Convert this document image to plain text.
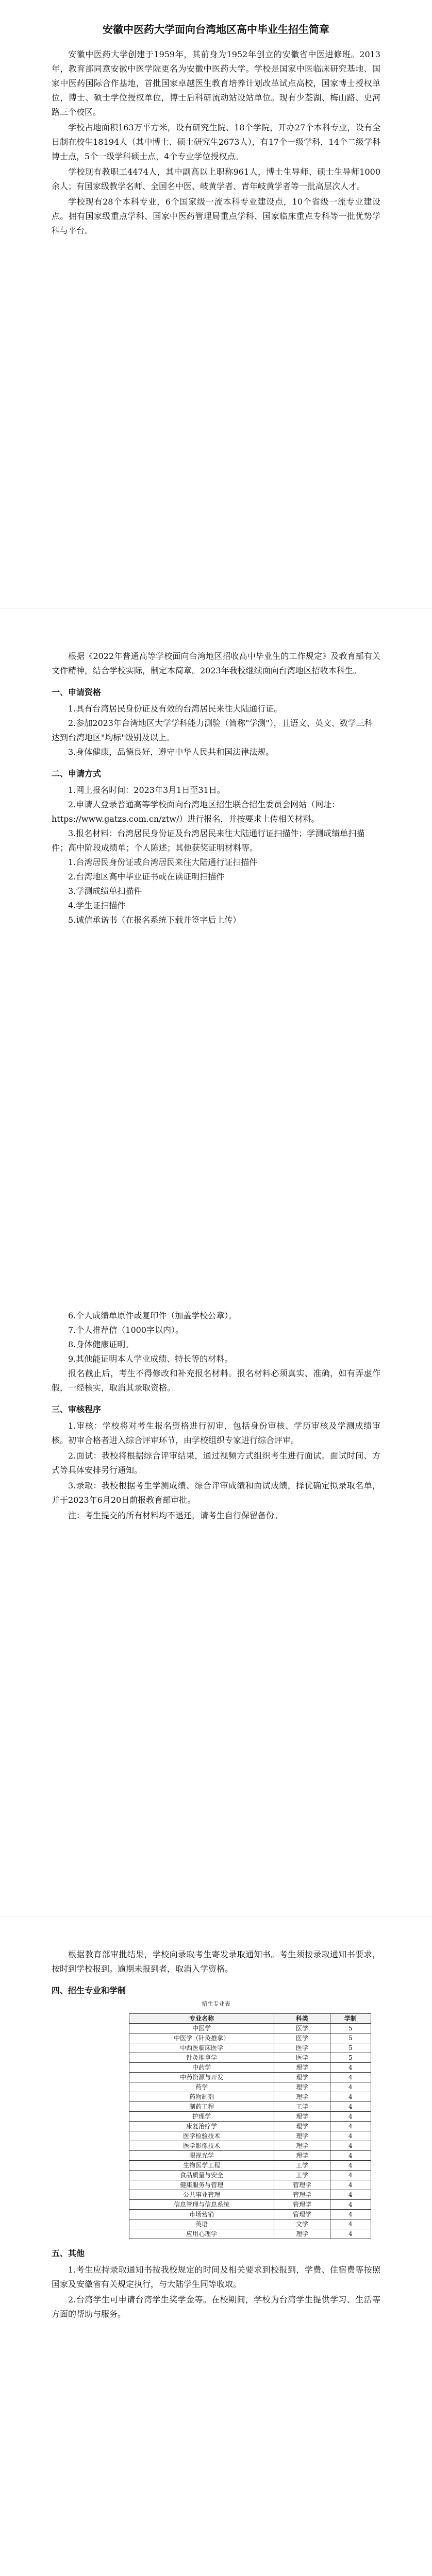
安徽中医药大学面向台湾地区高中毕业生招生简章

安徽中医药大学创建于1959年，其前身为1952年创立的安徽省中医进修班。2013年，教育部同意安徽中医学院更名为安徽中医药大学。学校是国家中医临床研究基地、国家中医药国际合作基地，首批国家卓越医生教育培养计划改革试点高校，国家博士授权单位，博士、硕士学位授权单位，博士后科研流动站设站单位。现有少荃湖、梅山路、史河路三个校区。

学校占地面积163万平方米，设有研究生院、18个学院，开办27个本科专业，设有全日制在校生18194人（其中博士、硕士研究生2673人），有17个一级学科，14个二级学科博士点，5个一级学科硕士点，4个专业学位授权点。

学校现有教职工4474人，其中副高以上职称961人，博士生导师、硕士生导师1000余人；有国家级教学名师、全国名中医、岐黄学者、青年岐黄学者等一批高层次人才。

学校现有28个本科专业，6个国家级一流本科专业建设点，10个省级一流专业建设点。拥有国家级重点学科、国家中医药管理局重点学科、国家临床重点专科等一批优势学科与平台。

根据《2022年普通高等学校面向台湾地区招收高中毕业生的工作规定》及教育部有关文件精神，结合学校实际，制定本简章。2023年我校继续面向台湾地区招收本科生。

一、申请资格

1.具有台湾居民身份证及有效的台湾居民来往大陆通行证。

2.参加2023年台湾地区大学学科能力测验（简称"学测"），且语文、英文、数学三科达到台湾地区"均标"级别及以上。

3.身体健康，品德良好，遵守中华人民共和国法律法规。

二、申请方式

1.网上报名时间：2023年3月1日至31日。

2.申请人登录普通高等学校面向台湾地区招生联合招生委员会网站（网址：https://www.gatzs.com.cn/ztw/）进行报名，并按要求上传相关材料。

3.报名材料：台湾居民身份证及台湾居民来往大陆通行证扫描件；学测成绩单扫描件；高中阶段成绩单；个人陈述；其他获奖证明材料等。

1.台湾居民身份证或台湾居民来往大陆通行证扫描件

2.台湾地区高中毕业证书或在读证明扫描件

3.学测成绩单扫描件

4.学生证扫描件

5.诚信承诺书（在报名系统下载并签字后上传）

6.个人成绩单原件或复印件（加盖学校公章）。

7.个人推荐信（1000字以内）。

8.身体健康证明。

9.其他能证明本人学业成绩、特长等的材料。

报名截止后，考生不得修改和补充报名材料。报名材料必须真实、准确，如有弄虚作假，一经核实，取消其录取资格。

三、审核程序

1.审核：学校将对考生报名资格进行初审，包括身份审核、学历审核及学测成绩审核。初审合格者进入综合评审环节，由学校组织专家进行综合评审。

2.面试：我校将根据综合评审结果，通过视频方式组织考生进行面试。面试时间、方式等具体安排另行通知。

3.录取：我校根据考生学测成绩、综合评审成绩和面试成绩，择优确定拟录取名单，并于2023年6月20日前报教育部审批。

注：考生提交的所有材料均不退还，请考生自行保留备份。

根据教育部审批结果，学校向录取考生寄发录取通知书。考生须按录取通知书要求，按时到学校报到。逾期未报到者，取消入学资格。

四、招生专业和学制

招生专业表

专业名称	科类	学制
中医学	医学	5
中医学（针灸推拿）	医学	5
中西医临床医学	医学	5
针灸推拿学	医学	5
中药学	理学	4
中药资源与开发	理学	4
药学	理学	4
药物制剂	理学	4
制药工程	工学	4
护理学	理学	4
康复治疗学	理学	4
医学检验技术	理学	4
医学影像技术	理学	4
眼视光学	理学	4
生物医学工程	工学	4
食品质量与安全	工学	4
健康服务与管理	管理学	4
公共事业管理	管理学	4
信息管理与信息系统	管理学	4
市场营销	管理学	4
英语	文学	4
应用心理学	理学	4

五、其他

1.考生应持录取通知书按我校规定的时间及相关要求到校报到，学费、住宿费等按照国家及安徽省有关规定执行，与大陆学生同等收取。

2.台湾学生可申请台湾学生奖学金等。在校期间，学校为台湾学生提供学习、生活等方面的帮助与服务。
